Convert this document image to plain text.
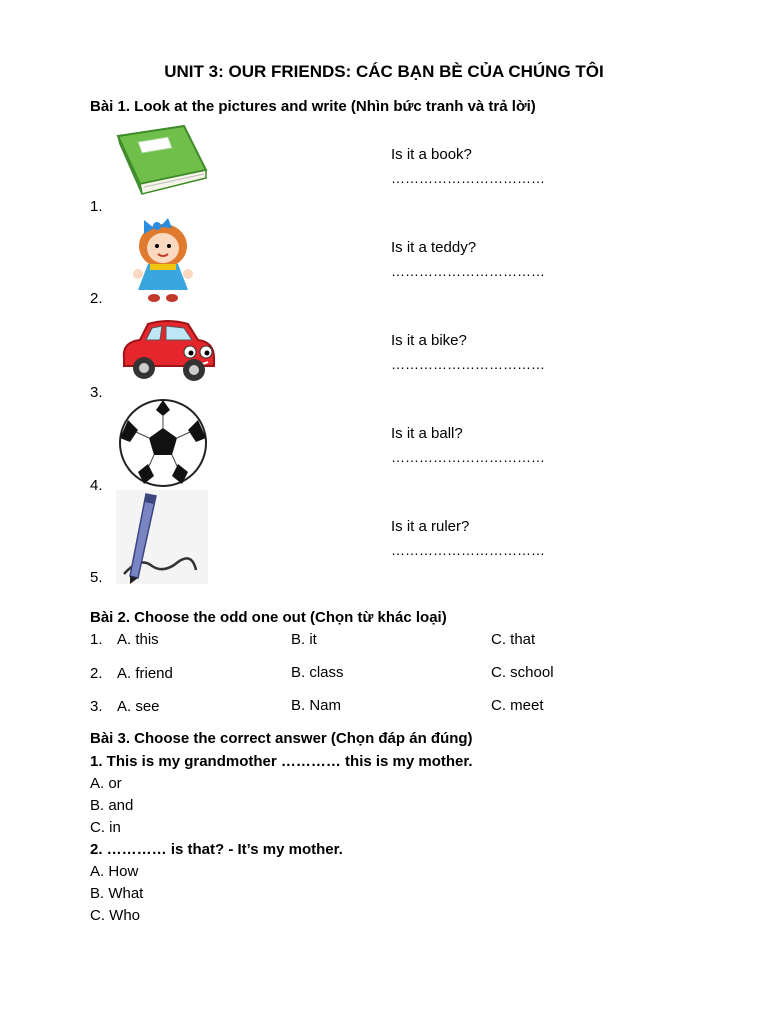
UNIT 3: OUR FRIENDS: CÁC BẠN BÈ CỦA CHÚNG TÔI
Bài 1. Look at the pictures and write (Nhìn bức tranh và trả lời)
1.
Is it a book?
……………………………
2.
Is it a teddy?
……………………………
3.
Is it a bike?
……………………………
4.
Is it a ball?
……………………………
5.
Is it a ruler?
……………………………
Bài 2. Choose the odd one out (Chọn từ khác loại)
1. A. this	B. it	C. that
2. A. friend	B. class	C. school
3. A. see	B. Nam	C. meet
Bài 3. Choose the correct answer (Chọn đáp án đúng)
1. This is my grandmother ………… this is my mother.
A. or
B. and
C. in
2. ………… is that? - It’s my mother.
A. How
B. What
C. Who
